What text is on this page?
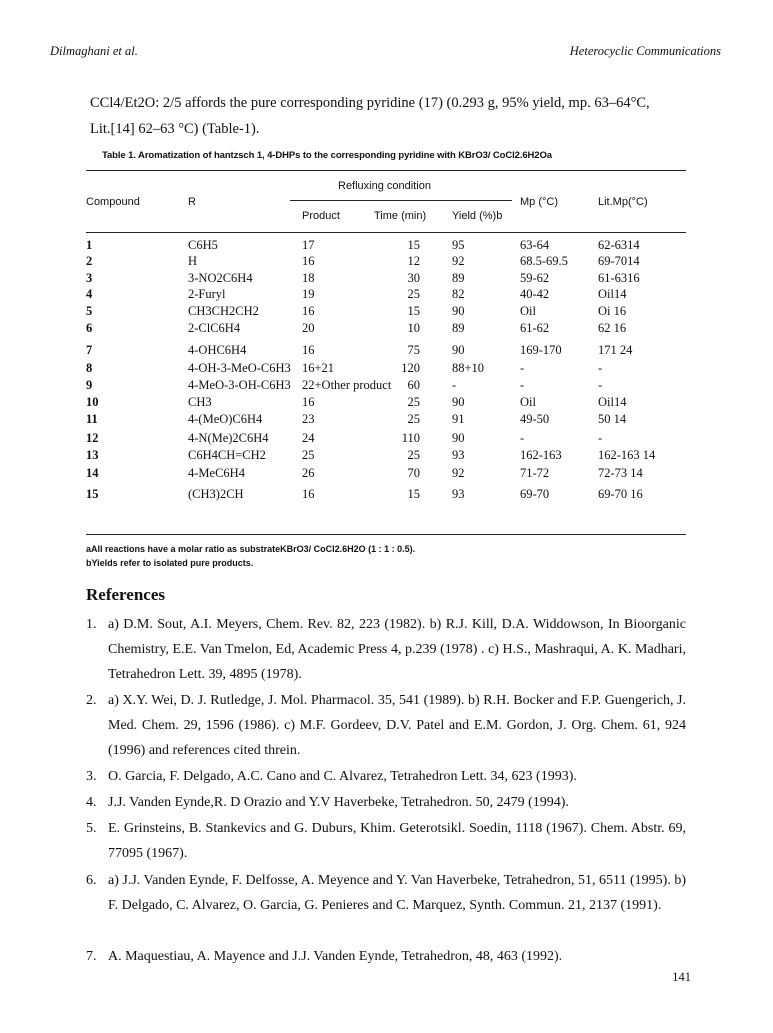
Dilmaghani et al.	Heterocyclic Communications
CCl4/Et2O: 2/5 affords the pure corresponding pyridine (17) (0.293 g, 95% yield, mp. 63–64°C,
Lit.[14] 62–63 °C) (Table-1).
Table 1. Aromatization of hantzsch 1, 4-DHPs to the corresponding pyridine with KBrO3/ CoCl2.6H2Oa
Compound	R
Refluxing condition
Product	Time (min) Yield (%)b
Mp (°C)	Lit.Mp(°C)
1	C6H5	17	15	95	63-64	62-6314
2	H	16	12	92	68.5-69.5 69-7014
3	3-NO2C6H4	18	30	89	59-62	61-6316
4	2-Furyl	19	25	82	40-42	Oil14
5	CH3CH2CH2	16	15	90	Oil	Oi 16
6	2-ClC6H4	20	10	89	61-62	62 16
7	4-OHC6H4	16	75	90	169-170	171 24
8	4-OH-3-MeO-C6H3 16+21	120	88+10	-	-
9	4-MeO-3-OH-C6H3 22+Other product	60	-	-	-
10	CH3	16	25	90	Oil	Oil14
11	4-(MeO)C6H4	23	25	91	49-50	50 14
12	4-N(Me)2C6H4	24	110	90	-	-
13	C6H4CH=CH2	25	25	93	162-163	162-163 14
14	4-MeC6H4	26	70	92	71-72	72-73 14
15	(CH3)2CH	16	15	93	69-70	69-70 16
aAll reactions have a molar ratio as substrateKBrO3/ CoCl2.6H2O (1 : 1 : 0.5).
bYields refer to isolated pure products.
References
1. a) D.M. Sout, A.I. Meyers, Chem. Rev. 82, 223 (1982). b) R.J. Kill, D.A. Widdowson, In Bioorganic Chemistry, E.E. Van Tmelon, Ed, Academic Press 4, p.239 (1978) . c) H.S., Mashraqui, A. K. Madhari, Tetrahedron Lett. 39, 4895 (1978).
2. a) X.Y. Wei, D. J. Rutledge, J. Mol. Pharmacol. 35, 541 (1989). b) R.H. Bocker and F.P. Guengerich, J. Med. Chem. 29, 1596 (1986). c) M.F. Gordeev, D.V. Patel and E.M. Gordon, J. Org. Chem. 61, 924 (1996) and references cited threin.
3. O. Garcia, F. Delgado, A.C. Cano and C. Alvarez, Tetrahedron Lett. 34, 623 (1993).
4. J.J. Vanden Eynde,R. D Orazio and Y.V Haverbeke, Tetrahedron. 50, 2479 (1994).
5. E. Grinsteins, B. Stankevics and G. Duburs, Khim. Geterotsikl. Soedin, 1118 (1967). Chem. Abstr. 69, 77095 (1967).
6. a) J.J. Vanden Eynde, F. Delfosse, A. Meyence and Y. Van Haverbeke, Tetrahedron, 51, 6511 (1995). b) F. Delgado, C. Alvarez, O. Garcia, G. Penieres and C. Marquez, Synth. Commun. 21, 2137 (1991).
7. A. Maquestiau, A. Mayence and J.J. Vanden Eynde, Tetrahedron, 48, 463 (1992).
141
